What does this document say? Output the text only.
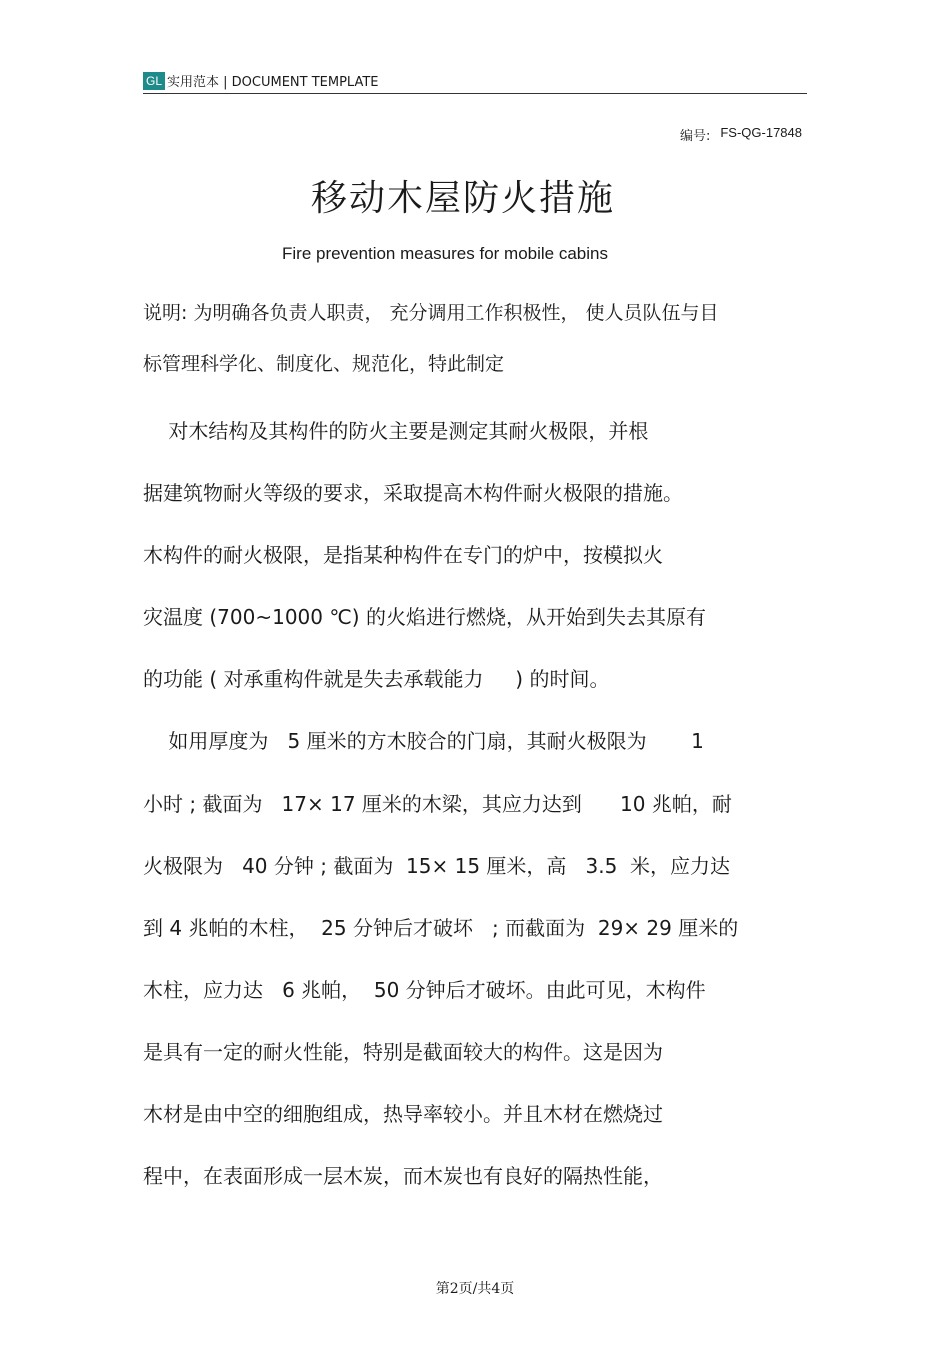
GL 实用范本 | DOCUMENT TEMPLATE
编号: FS-QG-17848
移动木屋防火措施
Fire prevention measures for mobile cabins
说明: 为明确各负责人职责， 充分调用工作积极性， 使人员队伍与目
标管理科学化、制度化、规范化，特此制定
对木结构及其构件的防火主要是测定其耐火极限，并根
据建筑物耐火等级的要求，采取提高木构件耐火极限的措施。
木构件的耐火极限，是指某种构件在专门的炉中，按模拟火
灾温度 (700~1000 ℃) 的火焰进行燃烧，从开始到失去其原有
的功能 ( 对承重构件就是失去承载能力     ) 的时间。
如用厚度为   5 厘米的方木胶合的门扇，其耐火极限为       1
小时 ; 截面为   17× 17 厘米的木梁，其应力达到      10 兆帕，耐
火极限为   40 分钟 ; 截面为  15× 15 厘米，高   3.5  米，应力达
到 4 兆帕的木柱，  25 分钟后才破坏   ; 而截面为  29× 29 厘米的
木柱，应力达   6 兆帕，  50 分钟后才破坏。由此可见，木构件
是具有一定的耐火性能，特别是截面较大的构件。这是因为
木材是由中空的细胞组成，热导率较小。并且木材在燃烧过
程中，在表面形成一层木炭，而木炭也有良好的隔热性能，
第2页/共4页
